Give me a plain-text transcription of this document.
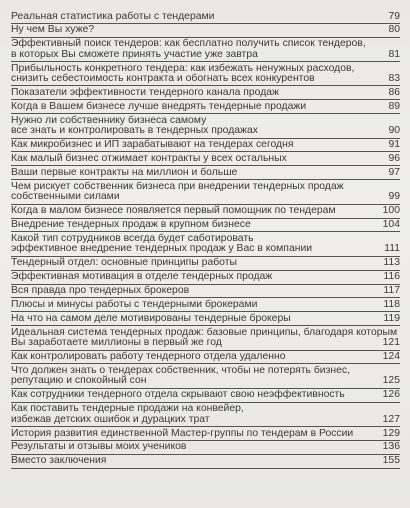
Реальная статистика работы с тендерами	79
Ну чем Вы хуже?	80
Эффективный поиск тендеров: как бесплатно получить список тендеров,
в которых Вы сможете принять участие уже завтра	81
Прибыльность конкретного тендера: как избежать ненужных расходов,
снизить себестоимость контракта и обогнать всех конкурентов	83
Показатели эффективности тендерного канала продаж	86
Когда в Вашем бизнесе лучше внедрять тендерные продажи	89
Нужно ли собственнику бизнеса самому
все знать и контролировать в тендерных продажах	90
Как микробизнес и ИП зарабатывают на тендерах сегодня	91
Как малый бизнес отжимает контракты у всех остальных	96
Ваши первые контракты на миллион и больше	97
Чем рискует собственник бизнеса при внедрении тендерных продаж
собственными силами	99
Когда в малом бизнесе появляется первый помощник по тендерам	100
Внедрение тендерных продаж в крупном бизнесе	104
Какой тип сотрудников всегда будет саботировать
эффективное внедрение тендерных продаж у Вас в компании	111
Тендерный отдел: основные принципы работы	113
Эффективная мотивация в отделе тендерных продаж	116
Вся правда про тендерных брокеров	117
Плюсы и минусы работы с тендерными брокерами	118
На что на самом деле мотивированы тендерные брокеры	119
Идеальная система тендерных продаж: базовые принципы, благодаря которым
Вы заработаете миллионы в первый же год	121
Как контролировать работу тендерного отдела удаленно	124
Что должен знать о тендерах собственник, чтобы не потерять бизнес,
репутацию и спокойный сон	125
Как сотрудники тендерного отдела скрывают свою неэффективность	126
Как поставить тендерные продажи на конвейер,
избежав детских ошибок и дурацких трат	127
История развития единственной Мастер-группы по тендерам в России	129
Результаты и отзывы моих учеников	136
Вместо заключения	155
